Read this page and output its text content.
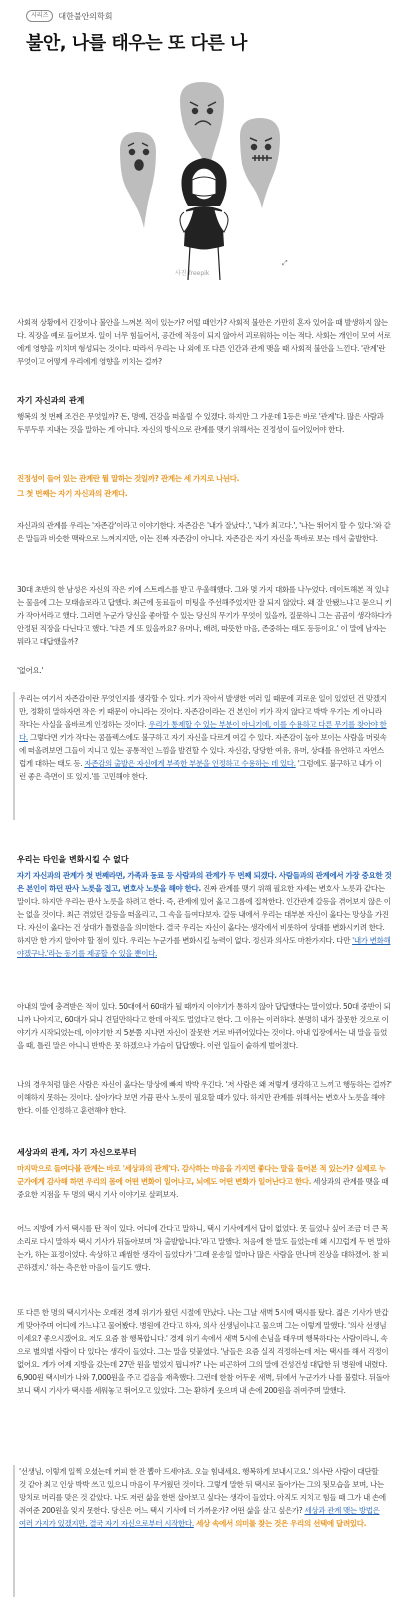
시리즈	대한불안의학회
불안, 나를 태우는 또 다른 나
사진 freepik
⤢

사회적 상황에서 긴장이나 불안을 느껴본 적이 있는가? 어떨 때인가? 사회적 불안은 가만히 혼자 있어을 때 발생하지 않는다. 직장을 예로 들어보자. 일이 너무 힘들어서, 공간에 적응이 되지 않아서 괴로워하는 이는 적다. 사회는 개인이 모여 서로에게 영향을 끼치며 형성되는 것이다. 따라서 우리는 나 외에 또 다른 인간과 관계 맺을 때 사회적 불안을 느낀다. '관계'란 무엇이고 어떻게 우리에게 영향을 끼치는 걸까?

자기 자신과의 관계

행복의 첫 번째 조건은 무엇일까? 돈, 명예, 건강을 떠올릴 수 있겠다. 하지만 그 가운데 1등은 바로 '관계'다. 많은 사람과 두루두루 지내는 것을 말하는 게 아니다. 자신의 방식으로 관계를 맺기 위해서는 진정성이 들어있어야 한다.

진정성이 들어 있는 관계란 뭘 말하는 것일까? 관계는 세 가지로 나뉜다.

그 첫 번째는 자기 자신과의 관계다.

자신과의 관계를 우리는 '자존감'이라고 이야기한다. 자존감은 '내가 잘났다.', '내가 최고다.', '나는 뛰어지 할 수 있다.'와 같은 말들과 비슷한 맥락으로 느껴지지만, 이는 진짜 자존감이 아니다. 자존감은 자기 자신을 똑바로 보는 데서 출발한다.

30대 초반의 한 남성은 자신의 작은 키에 스트레스를 받고 우울해했다. 그와 몇 가지 대화를 나누었다. 데이트해본 적 있냐는 물음에 그는 모태솔로라고 답했다. 최근에 동료들이 미팅을 주선해주었지만 잘 되지 않았다. 왜 잘 안됐느냐고 묻으니 키가 작아서라고 했다. 그러면 누군가 당신을 좋아할 수 있는 당신의 무기가 무엇이 있을까, 질문하니 그는 곰곰이 생각하다가 안정된 직장을 다닌다고 했다. '다른 게 또 있을까요? 유머나, 배려, 따뜻한 마음, 존중하는 태도 등등이요.' 이 말에 남자는 뭐라고 대답했을까?

'없어요.'

우리는 여기서 자존감이란 무엇인지를 생각할 수 있다. 키가 작아서 발생한 여러 일 때문에 괴로운 일이 있었던 건 맞겠지만, 정확히 말하자면 작은 키 때문이 아니라는 것이다. 자존감이라는 건 본인이 키가 작지 않다고 박박 우기는 게 아니라 작다는 사실을 올바르게 인정하는 것이다. 우리가 통제할 수 있는 부분이 아니기에, 이를 수용하고 다른 무기를 찾아야 한다. 그렇다면 키가 작다는 콤플렉스에도 불구하고 자기 자신을 다르게 여길 수 있다. 자존감이 높아 보이는 사람을 머릿속에 떠올려보면 그들이 지니고 있는 공통적인 느낌을 발견할 수 있다. 자신감, 당당한 여유, 유머, 상대를 유연하고 자연스럽게 대하는 태도 등. 자존감의 출발은 자신에게 부족한 부분을 인정하고 수용하는 데 있다. '그럼에도 불구하고 내가 이런 좋은 측면이 또 있지.'를 고민해야 한다.

우리는 타인을 변화시킬 수 없다

자기 자신과의 관계가 첫 번째라면, 가족과 동료 등 사람과의 관계가 두 번째 되겠다. 사람들과의 관계에서 가장 중요한 것은 본인이 하던 판사 노릇을 접고, 변호사 노릇을 해야 한다. 진짜 관계를 맺기 위해 필요한 자세는 변호사 노릇과 같다는 말이다. 하지만 우리는 판사 노릇을 하려고 한다. 즉, 관계에 있어 옳고 그름에 집착한다. 인간관계 갈등을 겪어보지 않은 이는 없을 것이다. 최근 겪었던 갈등을 떠올리고, 그 속을 들여다보자. 갈등 내에서 우리는 대부분 자신이 옳다는 망상을 가진다. 자신이 옳다는 건 상대가 틀렸음을 의미한다. 결국 우리는 자신이 옳다는 생각에서 비롯하여 상대를 변화시키려 한다. 하지만 한 가지 알아야 할 점이 있다. 우리는 누군가를 변화시킬 능력이 없다. 정신과 의사도 마찬가지다. 다만 '내가 변화해야겠구나.'라는 동기를 제공할 수 있을 뿐이다.

아내의 말에 충격받은 적이 있다. 50대에서 60대가 될 때까지 이야기가 통하지 않아 답답했다는 말이었다. 50대 중반이 되니까 나아지고, 60대가 되니 견딜만하다고 한데 아직도 멀었다고 한다. 그 이유는 이러하다. 분명히 내가 잘못한 것으로 이야기가 시작되었는데, 이야기한 지 5분쯤 지나면 자신이 잘못한 거로 바뀌어있다는 것이다. 아내 입장에서는 내 말을 들었을 때, 틀린 말은 아니니 반박은 못 하겠으나 가슴이 답답했다. 이런 일들이 숱하게 벌어졌다.

나의 경우처럼 많은 사람은 자신이 옳다는 망상에 빠져 박박 우긴다. '저 사람은 왜 저렇게 생각하고 느끼고 행동하는 걸까?' 이해하지 못하는 것이다. 살아가다 보면 가끔 판사 노릇이 필요할 때가 있다. 하지만 관계를 위해서는 변호사 노릇을 해야 한다. 이를 인정하고 훈련해야 한다.

세상과의 관계, 자기 자신으로부터

마지막으로 들여다볼 관계는 바로 '세상과의 관계'다. 감사하는 마음을 가지면 좋다는 말을 들어본 적 있는가? 실제로 누군가에게 감사해 하면 우리의 몸에 어떤 변화이 일어나고, 뇌에도 어떤 변화가 일어난다고 한다. 세상과의 관계를 맺을 때 중요한 지점을 두 명의 택시 기사 이야기로 살펴보자.

어느 지방에 가서 택시를 탄 적이 있다. 어디에 간다고 말하니, 택시 기사에게서 답이 없었다. 못 들었나 싶어 조금 더 큰 목소리로 다시 말하자 택시 기사가 뒤돌아보며 '차 출발합니다.'라고 말했다. 처음에 한 말도 들었는데 왜 시끄럽게 두 번 말하는가, 하는 표정이었다. 속상하고 괘씸한 생각이 들었다가 '그래 운송일 얼마나 많은 사람을 만나며 진상을 대하겠어. 참 피곤하겠지.' 하는 측은한 마음이 들기도 했다.

또 다른 한 명의 택시기사는 오래전 경제 위기가 왔던 시절에 만났다. 나는 그날 새벽 5시에 택시를 탔다. 젊은 기사가 반갑게 맞아주며 어디에 가느냐고 물어봤다. 병원에 간다고 하자, 의사 선생님이냐고 물으며 그는 이렇게 말했다. '의사 선생님이세요? 좋으시겠어요. 저도 요즘 참 행복합니다.' 경제 위기 속에서 새벽 5시에 손님을 태우며 행복하다는 사람이라니, 속으로 별의별 사람이 다 있다는 생각이 들었다. 그는 말을 덧붙였다. '남들은 요즘 실직 걱정하는데 저는 택시를 해서 걱정이 없어요. 게가 어제 지방을 갔는데 27만 원을 벌었지 뭡니까?' 나는 피곤하여 그의 말에 건성건성 대답한 뒤 병원에 내렸다. 6,900원 택시비가 나와 7,000원을 주고 걸음을 재촉했다. 그런데 한참 어두운 새벽, 뒤에서 누군가가 나를 불렀다. 뒤돌아보니 택시 기사가 택시를 세워놓고 뛰어오고 있었다. 그는 환하게 웃으며 내 손에 200원을 쥐여주며 말했다.

'선생님, 이렇게 일찍 오셨는데 커피 한 잔 뽑아 드세야죠. 오늘 힘내세요. 행복하게 보내시고요.' 의사란 사람이 대단할 것 같아 최고 인상 박박 쓰고 있으니 마음이 무거웠던 것이다. 그렇게 말한 뒤 택시로 돌아가는 그의 뒷모습을 보며, 나는 망치로 머리를 맞은 것 같았다. 나도 저런 삶을 한번 살아보고 싶다는 생각이 들었다. 아직도 지치고 힘들 때 그가 내 손에 쥐여준 200원을 잊지 못한다. 당신은 어느 택시 기사에 더 가까운가? 어떤 삶을 살고 싶은가? 세상과 관계 맺는 방법은 여러 가지가 있겠지만, 결국 자기 자신으로부터 시작한다. 세상 속에서 의미를 찾는 것은 우리의 선택에 달려있다.
